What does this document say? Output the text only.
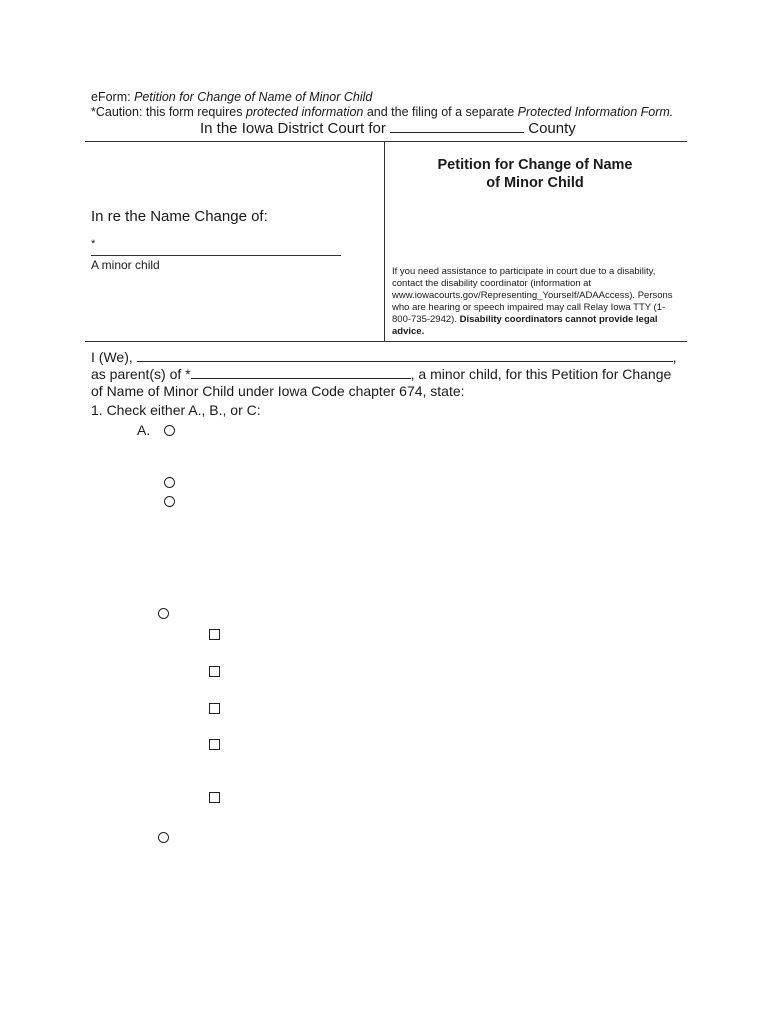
eForm: Petition for Change of Name of Minor Child
*Caution: this form requires protected information and the filing of a separate Protected Information Form.
In the Iowa District Court for	County
Petition for Change of Name
of Minor Child
In re the Name Change of:
*
A minor child	If you need assistance to participate in court due to a disability, contact the disability coordinator (information at www.iowacourts.gov/Representing_Yourself/ADAAccess). Persons who are hearing or speech impaired may call Relay Iowa TTY (1-800-735-2942). Disability coordinators cannot provide legal advice.
I (We),	,
as parent(s) of *	, a minor child, for this Petition for Change
of Name of Minor Child under Iowa Code chapter 674, state:
1. Check either A., B., or C:
A.
